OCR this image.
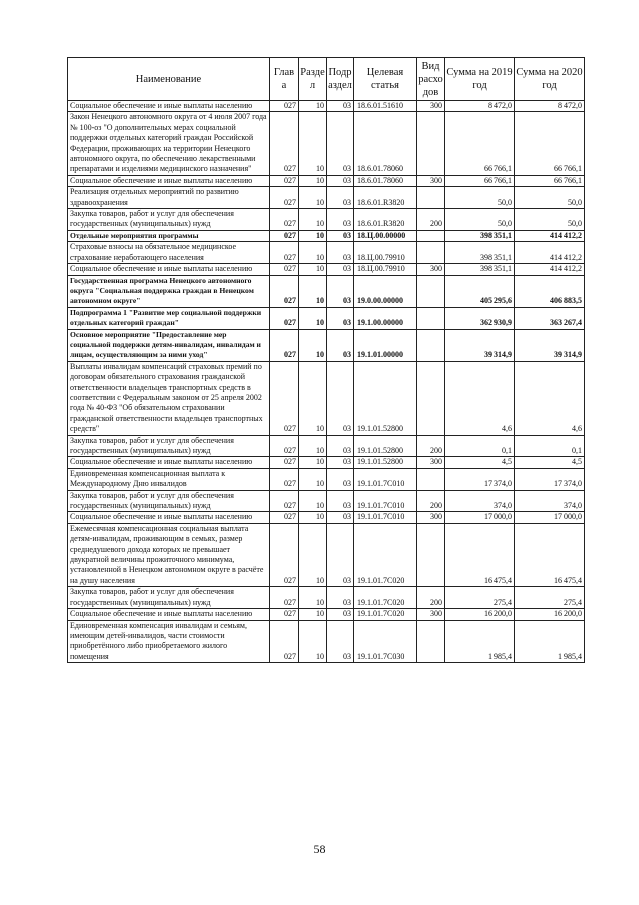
Наименование	Глав а	Разде л	Подр аздел	Целевая статья	Вид расхо дов	Сумма на 2019 год	Сумма на 2020 год
Социальное обеспечение и иные выплаты населению	027	10	03	18.6.01.51610	300	8 472,0	8 472,0
Закон Ненецкого автономного округа от 4 июля 2007 года № 100-оз "О дополнительных мерах социальной поддержки отдельных категорий граждан Российской Федерации, проживающих на территории Ненецкого автономного округа, по обеспечению лекарственными препаратами и изделиями медицинского назначения"	027	10	03	18.6.01.78060		66 766,1	66 766,1
Социальное обеспечение и иные выплаты населению	027	10	03	18.6.01.78060	300	66 766,1	66 766,1
Реализация отдельных мероприятий по развитию здравоохранения	027	10	03	18.6.01.R3820		50,0	50,0
Закупка товаров, работ и услуг для обеспечения государственных (муниципальных) нужд	027	10	03	18.6.01.R3820	200	50,0	50,0
Отдельные мероприятия программы	027	10	03	18.Ц.00.00000		398 351,1	414 412,2
Страховые взносы на обязательное медицинское страхование неработающего населения	027	10	03	18.Ц.00.79910		398 351,1	414 412,2
Социальное обеспечение и иные выплаты населению	027	10	03	18.Ц.00.79910	300	398 351,1	414 412,2
Государственная программа Ненецкого автономного округа "Социальная поддержка граждан в Ненецком автономном округе"	027	10	03	19.0.00.00000		405 295,6	406 883,5
Подпрограмма 1 "Развитие мер социальной поддержки отдельных категорий граждан"	027	10	03	19.1.00.00000		362 930,9	363 267,4
Основное мероприятие "Предоставление мер социальной поддержки детям-инвалидам, инвалидам и лицам, осуществляющим за ними уход"	027	10	03	19.1.01.00000		39 314,9	39 314,9
Выплаты инвалидам компенсаций страховых премий по договорам обязательного страхования гражданской ответственности владельцев транспортных средств в соответствии с Федеральным законом от 25 апреля 2002 года № 40-ФЗ "Об обязательном страховании гражданской ответственности владельцев транспортных средств"	027	10	03	19.1.01.52800		4,6	4,6
Закупка товаров, работ и услуг для обеспечения государственных (муниципальных) нужд	027	10	03	19.1.01.52800	200	0,1	0,1
Социальное обеспечение и иные выплаты населению	027	10	03	19.1.01.52800	300	4,5	4,5
Единовременная компенсационная выплата к Международному Дню инвалидов	027	10	03	19.1.01.7С010		17 374,0	17 374,0
Закупка товаров, работ и услуг для обеспечения государственных (муниципальных) нужд	027	10	03	19.1.01.7С010	200	374,0	374,0
Социальное обеспечение и иные выплаты населению	027	10	03	19.1.01.7С010	300	17 000,0	17 000,0
Ежемесячная компенсационная социальная выплата детям-инвалидам, проживающим в семьях, размер среднедушевого дохода которых не превышает двукратной величины прожиточного минимума, установленной в Ненецком автономном округе в расчёте на душу населения	027	10	03	19.1.01.7С020		16 475,4	16 475,4
Закупка товаров, работ и услуг для обеспечения государственных (муниципальных) нужд	027	10	03	19.1.01.7С020	200	275,4	275,4
Социальное обеспечение и иные выплаты населению	027	10	03	19.1.01.7С020	300	16 200,0	16 200,0
Единовременная компенсация инвалидам и семьям, имеющим детей-инвалидов, части стоимости приобретённого либо приобретаемого жилого помещения	027	10	03	19.1.01.7С030		1 985,4	1 985,4
58
